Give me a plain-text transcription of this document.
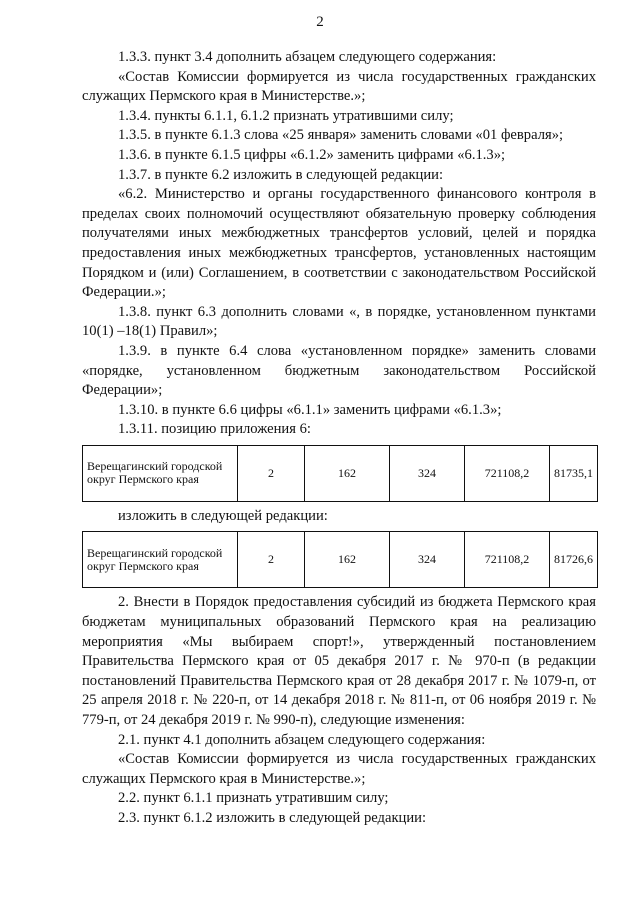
2

1.3.3. пункт 3.4 дополнить абзацем следующего содержания:

«Состав Комиссии формируется из числа государственных гражданских служащих Пермского края в Министерстве.»;

1.3.4. пункты 6.1.1, 6.1.2 признать утратившими силу;

1.3.5. в пункте 6.1.3 слова «25 января» заменить словами «01 февраля»;

1.3.6. в пункте 6.1.5 цифры «6.1.2» заменить цифрами «6.1.3»;

1.3.7. в пункте 6.2 изложить в следующей редакции:

«6.2. Министерство и органы государственного финансового контроля в пределах своих полномочий осуществляют обязательную проверку соблюдения получателями иных межбюджетных трансфертов условий, целей и порядка предоставления иных межбюджетных трансфертов, установленных настоящим Порядком и (или) Соглашением, в соответствии с законодательством Российской Федерации.»;

1.3.8. пункт 6.3 дополнить словами «, в порядке, установленном пунктами 10(1) –18(1) Правил»;

1.3.9. в пункте 6.4 слова «установленном порядке» заменить словами «порядке, установленном бюджетным законодательством Российской Федерации»;

1.3.10. в пункте 6.6 цифры «6.1.1» заменить цифрами «6.1.3»;

1.3.11. позицию приложения 6:

Верещагинский городской округ Пермского края	2	162	324	721108,2	81735,1

изложить в следующей редакции:

Верещагинский городской округ Пермского края	2	162	324	721108,2	81726,6

2. Внести в Порядок предоставления субсидий из бюджета Пермского края бюджетам муниципальных образований Пермского края на реализацию мероприятия «Мы выбираем спорт!», утвержденный постановлением Правительства Пермского края от 05 декабря 2017 г. № 970-п (в редакции постановлений Правительства Пермского края от 28 декабря 2017 г. № 1079-п, от 25 апреля 2018 г. № 220-п, от 14 декабря 2018 г. № 811-п, от 06 ноября 2019 г. № 779-п, от 24 декабря 2019 г. № 990-п), следующие изменения:

2.1. пункт 4.1 дополнить абзацем следующего содержания:

«Состав Комиссии формируется из числа государственных гражданских служащих Пермского края в Министерстве.»;

2.2. пункт 6.1.1 признать утратившим силу;

2.3. пункт 6.1.2 изложить в следующей редакции:
